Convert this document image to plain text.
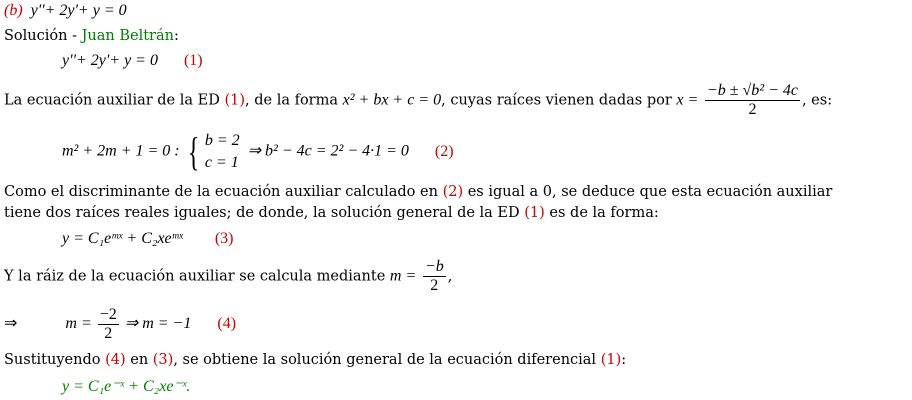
(b) y''+ 2y'+ y = 0
Solución - Juan Beltrán:
y''+ 2y'+ y = 0 (1)
La ecuación auxiliar de la ED (1), de la forma x² + bx + c = 0, cuyas raíces vienen dadas por $x = \frac{\text{−b ± √b² − 4c}}{2}$ , es:
m² + 2m + 1 = 0 : { b = 2
c = 1
⇒ b² − 4c = 2² − 4·1 = 0 (2)
Como el discriminante de la ecuación auxiliar calculado en (2) es igual a 0, se deduce que esta ecuación auxiliar
tiene dos raíces reales iguales; de donde, la solución general de la ED (1) es de la forma:
y = C₁eᵐˣ + C₂xeᵐˣ (3)
Y la ráiz de la ecuación auxiliar se calcula mediante $m = \frac{-b}{2}$ ,
⇒	$m = \frac{-2}{2}$ ⇒ m = −1 (4)
Sustituyendo (4) en (3), se obtiene la solución general de la ecuación diferencial (1):
y = C₁e⁻ˣ + C₂xe⁻ˣ.
